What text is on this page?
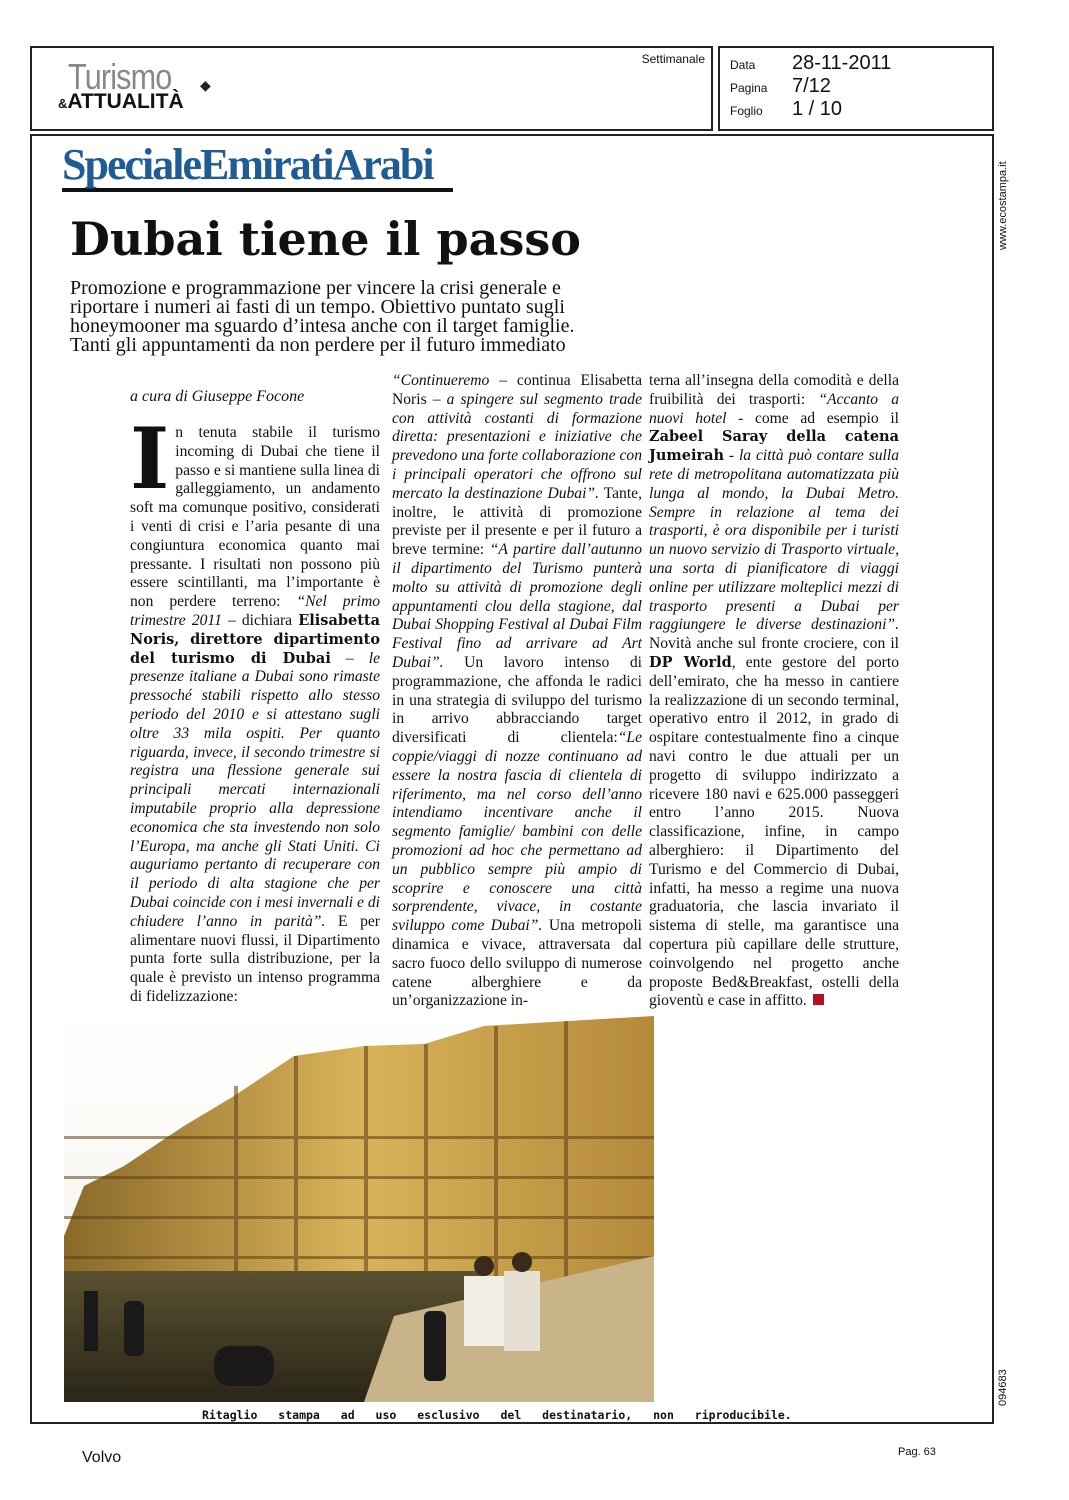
Turismo ◆
&ATTUALITÀ
Settimanale Data 28-11-2011
Pagina 7/12
Foglio 1 / 10
SpecialeEmiratiArabi
Dubai tiene il passo
Promozione e programmazione per vincere la crisi generale e riportare i numeri ai fasti di un tempo. Obiettivo puntato sugli honeymooner ma sguardo d’intesa anche con il target famiglie. Tanti gli appuntamenti da non perdere per il futuro immediato
a cura di Giuseppe Focone
In tenuta stabile il turismo incoming di Dubai che tiene il passo e si mantiene sulla linea di galleggiamento, un andamento soft ma comunque positivo, considerati i venti di crisi e l’aria pesante di una congiuntura economica quanto mai pressante. I risultati non possono più essere scintillanti, ma l’importante è non perdere terreno: “Nel primo trimestre 2011 – dichiara Elisabetta Noris, direttore dipartimento del turismo di Dubai – le presenze italiane a Dubai sono rimaste pressoché stabili rispetto allo stesso periodo del 2010 e si attestano sugli oltre 33 mila ospiti. Per quanto riguarda, invece, il secondo trimestre si registra una flessione generale sui principali mercati internazionali imputabile proprio alla depressione economica che sta investendo non solo l’Europa, ma anche gli Stati Uniti. Ci auguriamo pertanto di recuperare con il periodo di alta stagione che per Dubai coincide con i mesi invernali e di chiudere l’anno in parità”. E per alimentare nuovi flussi, il Dipartimento punta forte sulla distribuzione, per la quale è previsto un intenso programma di fidelizzazione:
“Continueremo – continua Elisabetta Noris – a spingere sul segmento trade con attività costanti di formazione diretta: presentazioni e iniziative che prevedono una forte collaborazione con i principali operatori che offrono sul mercato la destinazione Dubai”. Tante, inoltre, le attività di promozione previste per il presente e per il futuro a breve termine: “A partire dall’autunno il dipartimento del Turismo punterà molto su attività di promozione degli appuntamenti clou della stagione, dal Dubai Shopping Festival al Dubai Film Festival fino ad arrivare ad Art Dubai”. Un lavoro intenso di programmazione, che affonda le radici in una strategia di sviluppo del turismo in arrivo abbracciando target diversificati di clientela:“Le coppie/viaggi di nozze continuano ad essere la nostra fascia di clientela di riferimento, ma nel corso dell’anno intendiamo incentivare anche il segmento famiglie/ bambini con delle promozioni ad hoc che permettano ad un pubblico sempre più ampio di scoprire e conoscere una città sorprendente, vivace, in costante sviluppo come Dubai”. Una metropoli dinamica e vivace, attraversata dal sacro fuoco dello sviluppo di numerose catene alberghiere e da un’organizzazione in-
terna all’insegna della comodità e della fruibilità dei trasporti: “Accanto a nuovi hotel - come ad esempio il Zabeel Saray della catena Jumeirah - la città può contare sulla rete di metropolitana automatizzata più lunga al mondo, la Dubai Metro. Sempre in relazione al tema dei trasporti, è ora disponibile per i turisti un nuovo servizio di Trasporto virtuale, una sorta di pianificatore di viaggi online per utilizzare molteplici mezzi di trasporto presenti a Dubai per raggiungere le diverse destinazioni”. Novità anche sul fronte crociere, con il DP World, ente gestore del porto dell’emirato, che ha messo in cantiere la realizzazione di un secondo terminal, operativo entro il 2012, in grado di ospitare contestualmente fino a cinque navi contro le due attuali per un progetto di sviluppo indirizzato a ricevere 180 navi e 625.000 passeggeri entro l’anno 2015. Nuova classificazione, infine, in campo alberghiero: il Dipartimento del Turismo e del Commercio di Dubai, infatti, ha messo a regime una nuova graduatoria, che lascia invariato il sistema di stelle, ma garantisce una copertura più capillare delle strutture, coinvolgendo nel progetto anche proposte Bed&Breakfast, ostelli della gioventù e case in affitto.
Ritaglio stampa ad uso esclusivo del destinatario, non riproducibile.
www.ecostampa.it
094683
Volvo	Pag. 63
